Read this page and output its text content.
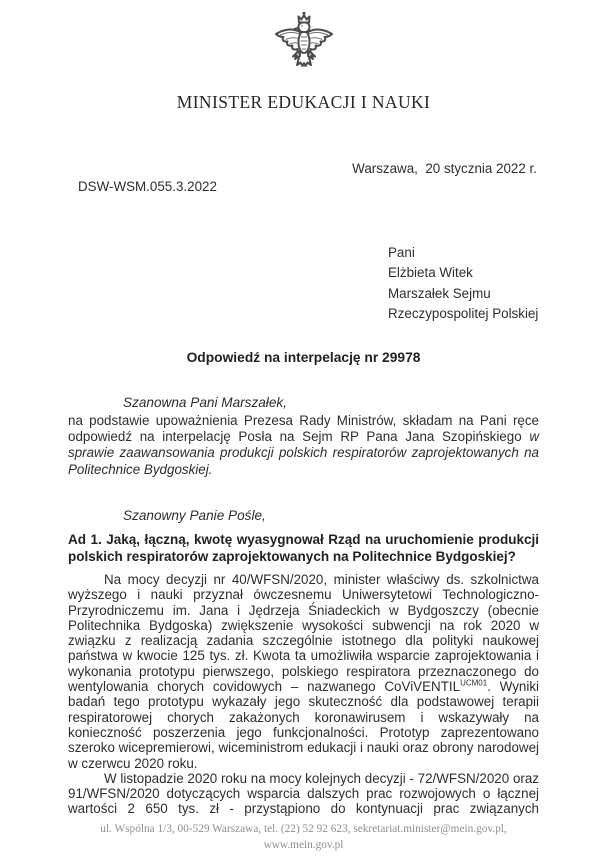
MINISTER EDUKACJI I NAUKI
Warszawa,  20 stycznia 2022 r.
DSW-WSM.055.3.2022
Pani
Elżbieta Witek
Marszałek Sejmu
Rzeczypospolitej Polskiej
Odpowiedź na interpelację nr 29978
Szanowna Pani Marszałek,
na podstawie upoważnienia Prezesa Rady Ministrów, składam na Pani ręce odpowiedź na interpelację Posła na Sejm RP Pana Jana Szopińskiego w sprawie zaawansowania produkcji polskich respiratorów zaprojektowanych na Politechnice Bydgoskiej.
Szanowny Panie Pośle,
Ad 1. Jaką, łączną, kwotę wyasygnował Rząd na uruchomienie produkcji polskich respiratorów zaprojektowanych na Politechnice Bydgoskiej?

Na mocy decyzji nr 40/WFSN/2020, minister właściwy ds. szkolnictwa wyższego i nauki przyznał ówczesnemu Uniwersytetowi Technologiczno-Przyrodniczemu im. Jana i Jędrzeja Śniadeckich w Bydgoszczy (obecnie Politechnika Bydgoska) zwiększenie wysokości subwencji na rok 2020 w związku z realizacją zadania szczególnie istotnego dla polityki naukowej państwa w kwocie 125 tys. zł. Kwota ta umożliwiła wsparcie zaprojektowania i wykonania prototypu pierwszego, polskiego respiratora przeznaczonego do wentylowania chorych covidowych – nazwanego CoViVENTIL$^{UCM01}$. Wyniki badań tego prototypu wykazały jego skuteczność dla podstawowej terapii respiratorowej chorych zakażonych koronawirusem i wskazywały na konieczność poszerzenia jego funkcjonalności. Prototyp zaprezentowano szeroko wicepremierowi, wiceministrom edukacji i nauki oraz obrony narodowej w czerwcu 2020 roku.

W listopadzie 2020 roku na mocy kolejnych decyzji - 72/WFSN/2020 oraz 91/WFSN/2020 dotyczących wsparcia dalszych prac rozwojowych o łącznej wartości 2 650 tys. zł - przystąpiono do kontynuacji prac związanych

ul. Wspólna 1/3, 00-529 Warszawa, tel. (22) 52 92 623, sekretariat.minister@mein.gov.pl,
www.mein.gov.pl
